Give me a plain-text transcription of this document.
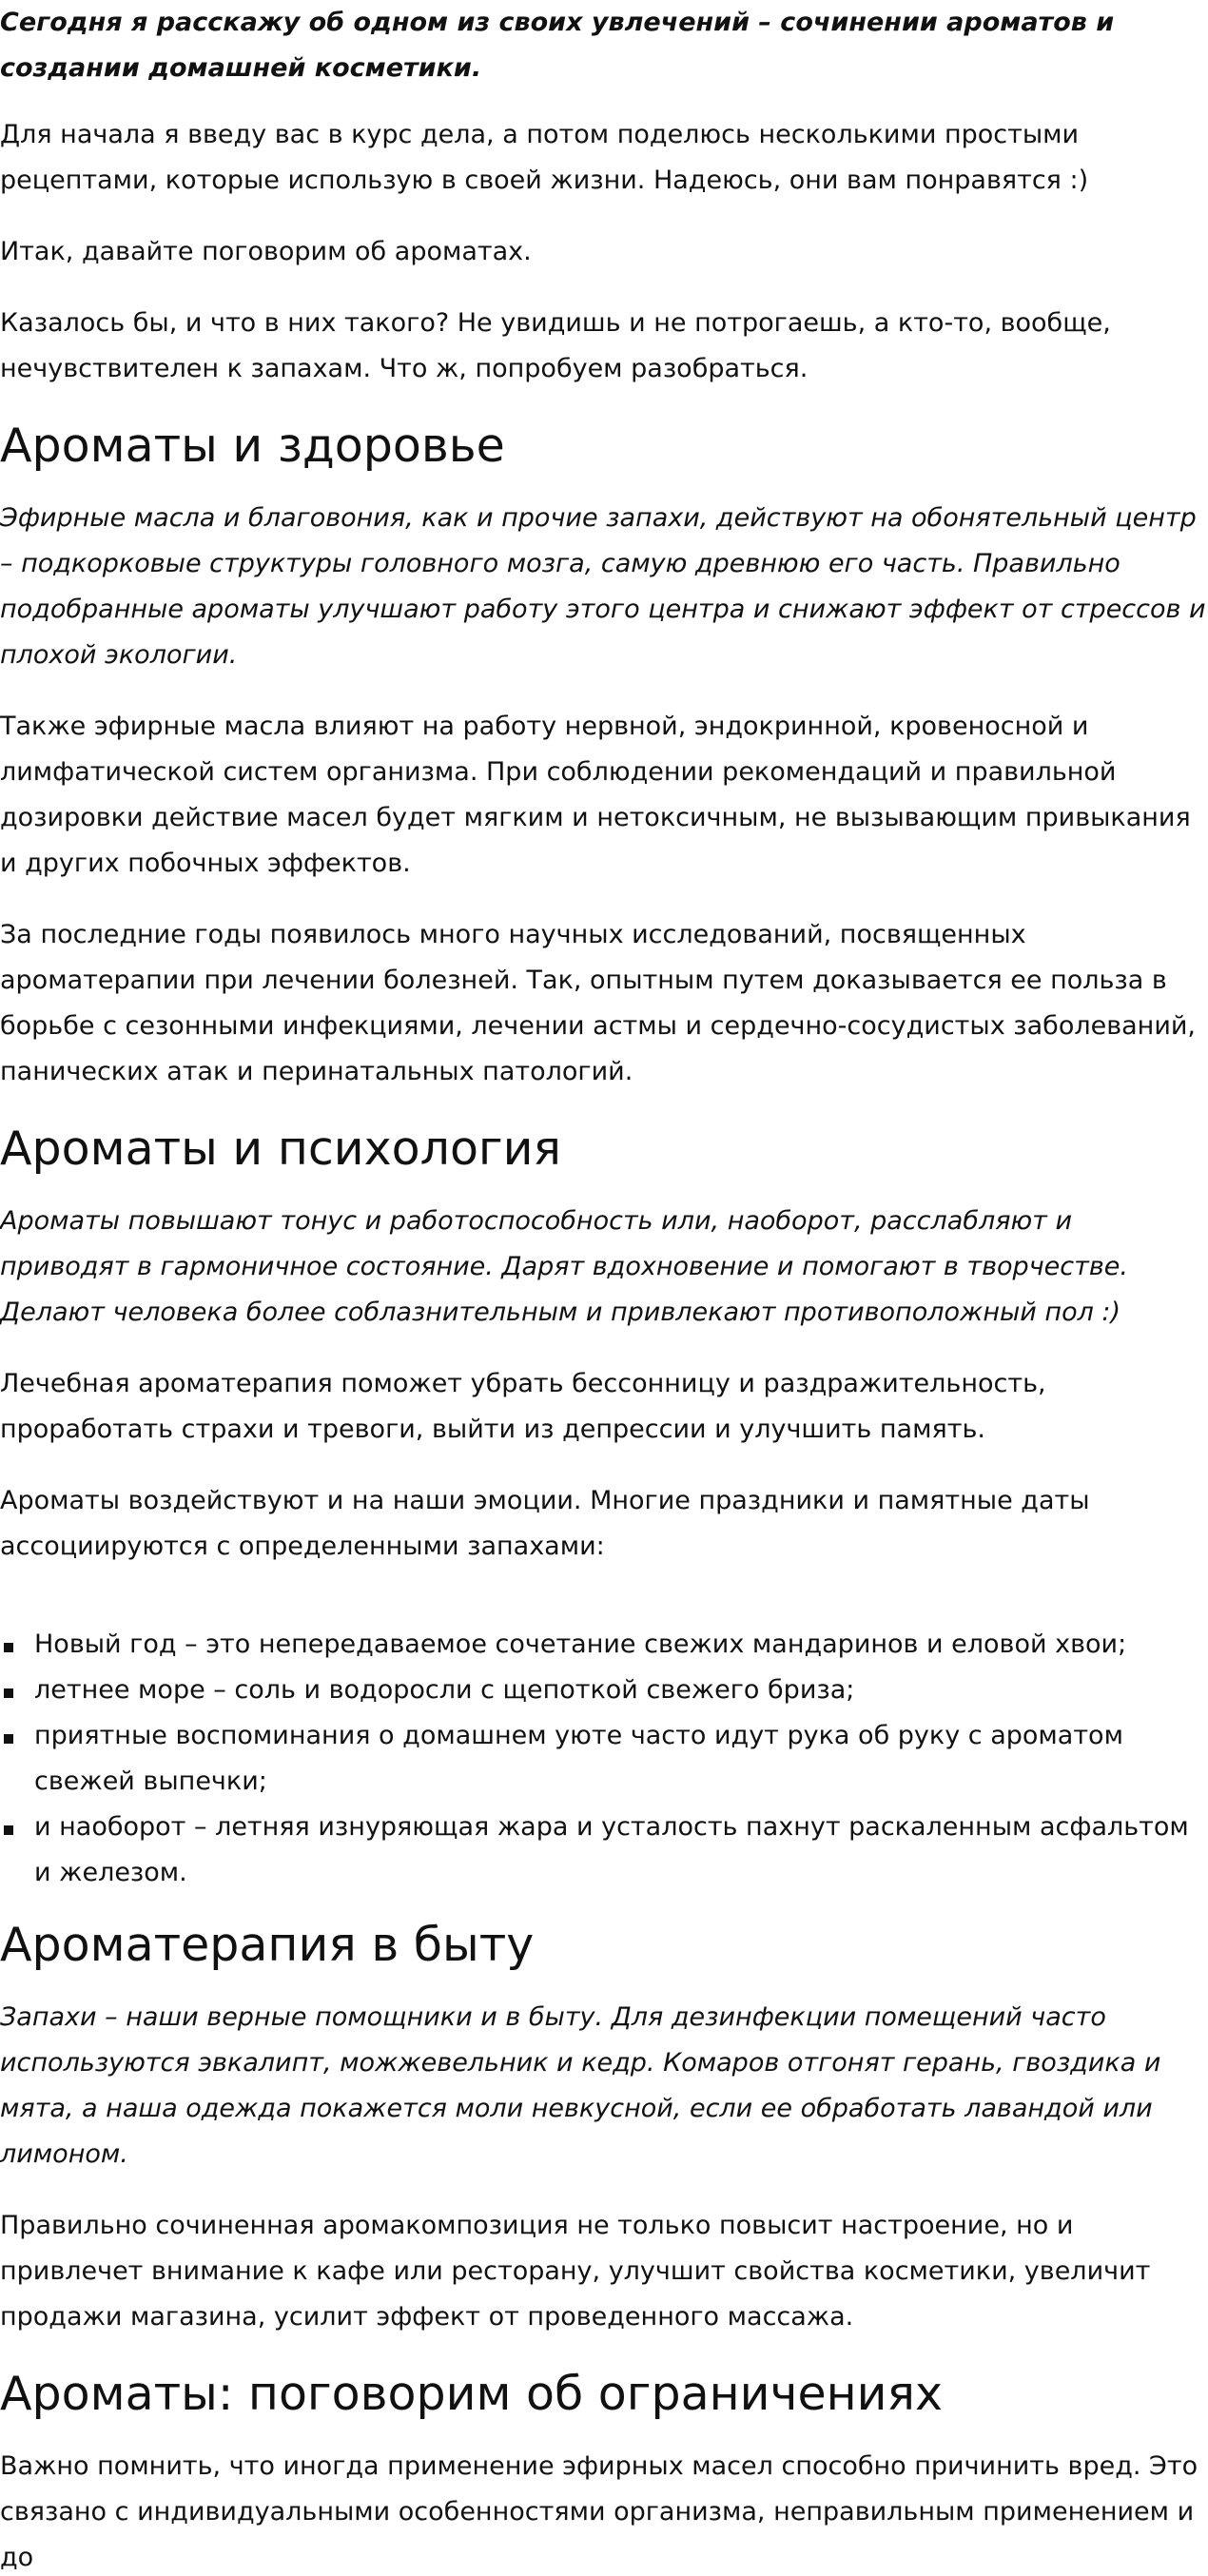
Сегодня я расскажу об одном из своих увлечений – сочинении ароматов и создании домашней косметики.

Для начала я введу вас в курс дела, а потом поделюсь несколькими простыми рецептами, которые использую в своей жизни. Надеюсь, они вам понравятся :)

Итак, давайте поговорим об ароматах.

Казалось бы, и что в них такого? Не увидишь и не потрогаешь, а кто-то, вообще, нечувствителен к запахам. Что ж, попробуем разобраться.

Ароматы и здоровье

Эфирные масла и благовония, как и прочие запахи, действуют на обонятельный центр – подкорковые структуры головного мозга, самую древнюю его часть. Правильно подобранные ароматы улучшают работу этого центра и снижают эффект от стрессов и плохой экологии.

Также эфирные масла влияют на работу нервной, эндокринной, кровеносной и лимфатической систем организма. При соблюдении рекомендаций и правильной дозировки действие масел будет мягким и нетоксичным, не вызывающим привыкания и других побочных эффектов.

За последние годы появилось много научных исследований, посвященных ароматерапии при лечении болезней. Так, опытным путем доказывается ее польза в борьбе с сезонными инфекциями, лечении астмы и сердечно-сосудистых заболеваний, панических атак и перинатальных патологий.

Ароматы и психология

Ароматы повышают тонус и работоспособность или, наоборот, расслабляют и приводят в гармоничное состояние. Дарят вдохновение и помогают в творчестве. Делают человека более соблазнительным и привлекают противоположный пол :)

Лечебная ароматерапия поможет убрать бессонницу и раздражительность, проработать страхи и тревоги, выйти из депрессии и улучшить память.

Ароматы воздействуют и на наши эмоции. Многие праздники и памятные даты ассоциируются с определенными запахами:

Новый год – это непередаваемое сочетание свежих мандаринов и еловой хвои;
летнее море – соль и водоросли с щепоткой свежего бриза;
приятные воспоминания о домашнем уюте часто идут рука об руку с ароматом свежей выпечки;
и наоборот – летняя изнуряющая жара и усталость пахнут раскаленным асфальтом и железом.
Ароматерапия в быту

Запахи – наши верные помощники и в быту. Для дезинфекции помещений часто используются эвкалипт, можжевельник и кедр. Комаров отгонят герань, гвоздика и мята, а наша одежда покажется моли невкусной, если ее обработать лавандой или лимоном.

Правильно сочиненная аромакомпозиция не только повысит настроение, но и привлечет внимание к кафе или ресторану, улучшит свойства косметики, увеличит продажи магазина, усилит эффект от проведенного массажа.

Ароматы: поговорим об ограничениях

Важно помнить, что иногда применение эфирных масел способно причинить вред. Это связано с индивидуальными особенностями организма, неправильным применением и до
